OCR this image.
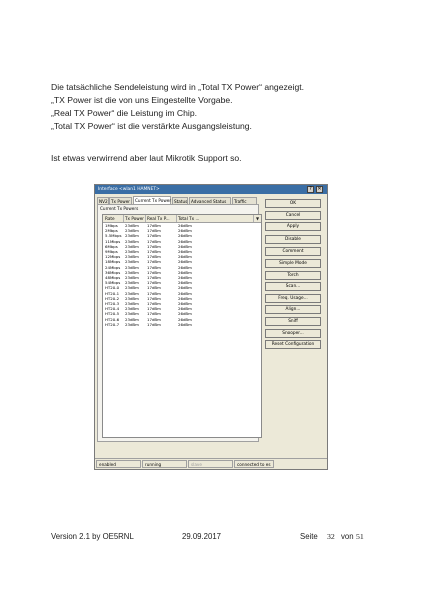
Die tatsächliche Sendeleistung wird in „Total TX Power“ angezeigt.
„TX Power ist die von uns Eingestellte Vorgabe.
„Real TX Power“ die Leistung im Chip.
„Total TX Power“ ist die verstärkte Ausgangsleistung.
Ist etwas verwirrend aber laut Mikrotik Support so.
Interface <wlan1 HAMNET>	?	✕
NV2 Tx Power	Current Tx Power Status Advanced Status	Traffic
Current Tx Powers
▼
Rate	Tx Power Real Tx P...	Total Tx ...
1Mbps 23dBm 17dBm	26dBm
2Mbps 23dBm 17dBm	26dBm
5.5Mbps 23dBm 17dBm	26dBm
11Mbps 23dBm 17dBm	26dBm
6Mbps 23dBm 17dBm	26dBm
9Mbps 23dBm 17dBm	26dBm
12Mbps 23dBm 17dBm	26dBm
18Mbps 23dBm 17dBm	26dBm
24Mbps 23dBm 17dBm	26dBm
36Mbps 23dBm 17dBm	26dBm
48Mbps 23dBm 17dBm	26dBm
54Mbps 23dBm 17dBm	26dBm
HT20-0 23dBm 17dBm	26dBm
HT20-1 23dBm 17dBm	26dBm
HT20-2 23dBm 17dBm	26dBm
HT20-3 23dBm 17dBm	26dBm
HT20-4 23dBm 17dBm	26dBm
HT20-5 23dBm 17dBm	26dBm
HT20-6 23dBm 17dBm	26dBm
HT20-7 23dBm 17dBm	26dBm
OK
Cancel
Apply
Disable
Comment
Simple Mode
Torch
Scan...
Freq. Usage...
Align...
Sniff
Snooper...
Reset Configuration
enabled	running	slave	connected to es
Version 2.1 by OE5RNL	29.09.2017	Seite 32 von 51
